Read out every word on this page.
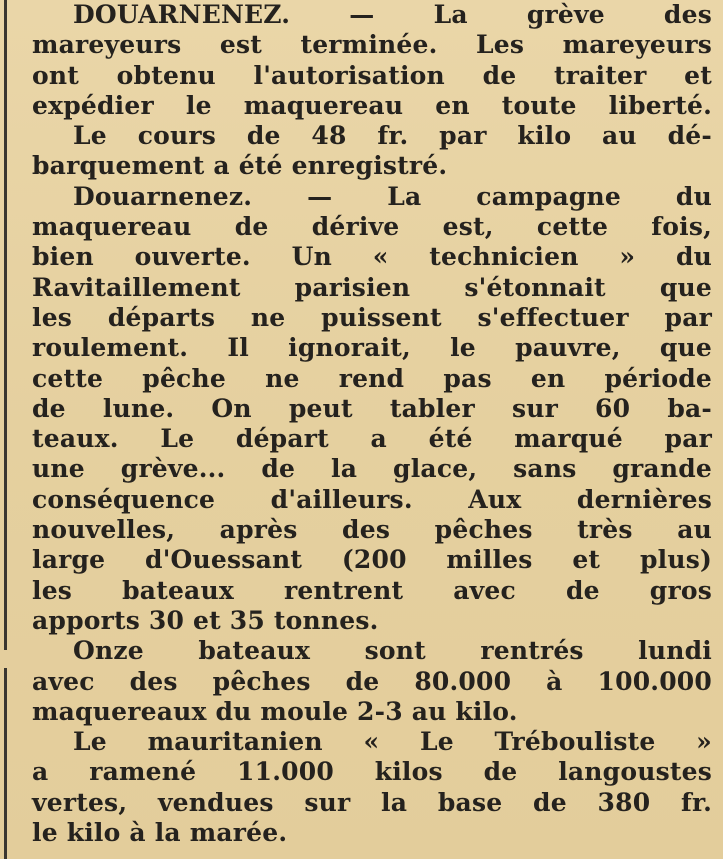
DOUARNENEZ. — La grève des
mareyeurs est terminée. Les mareyeurs
ont obtenu l'autorisation de traiter et
expédier le maquereau en toute liberté.

Le cours de 48 fr. par kilo au dé-
barquement a été enregistré.

Douarnenez. — La campagne du
maquereau de dérive est, cette fois,
bien ouverte. Un « technicien » du
Ravitaillement parisien s'étonnait que
les départs ne puissent s'effectuer par
roulement. Il ignorait, le pauvre, que
cette pêche ne rend pas en période
de lune. On peut tabler sur 60 ba-
teaux. Le départ a été marqué par
une grève... de la glace, sans grande
conséquence d'ailleurs. Aux dernières
nouvelles, après des pêches très au
large d'Ouessant (200 milles et plus)
les bateaux rentrent avec de gros
apports 30 et 35 tonnes.

Onze bateaux sont rentrés lundi
avec des pêches de 80.000 à 100.000
maquereaux du moule 2-3 au kilo.

Le mauritanien « Le Trébouliste »
a ramené 11.000 kilos de langoustes
vertes, vendues sur la base de 380 fr.
le kilo à la marée.
